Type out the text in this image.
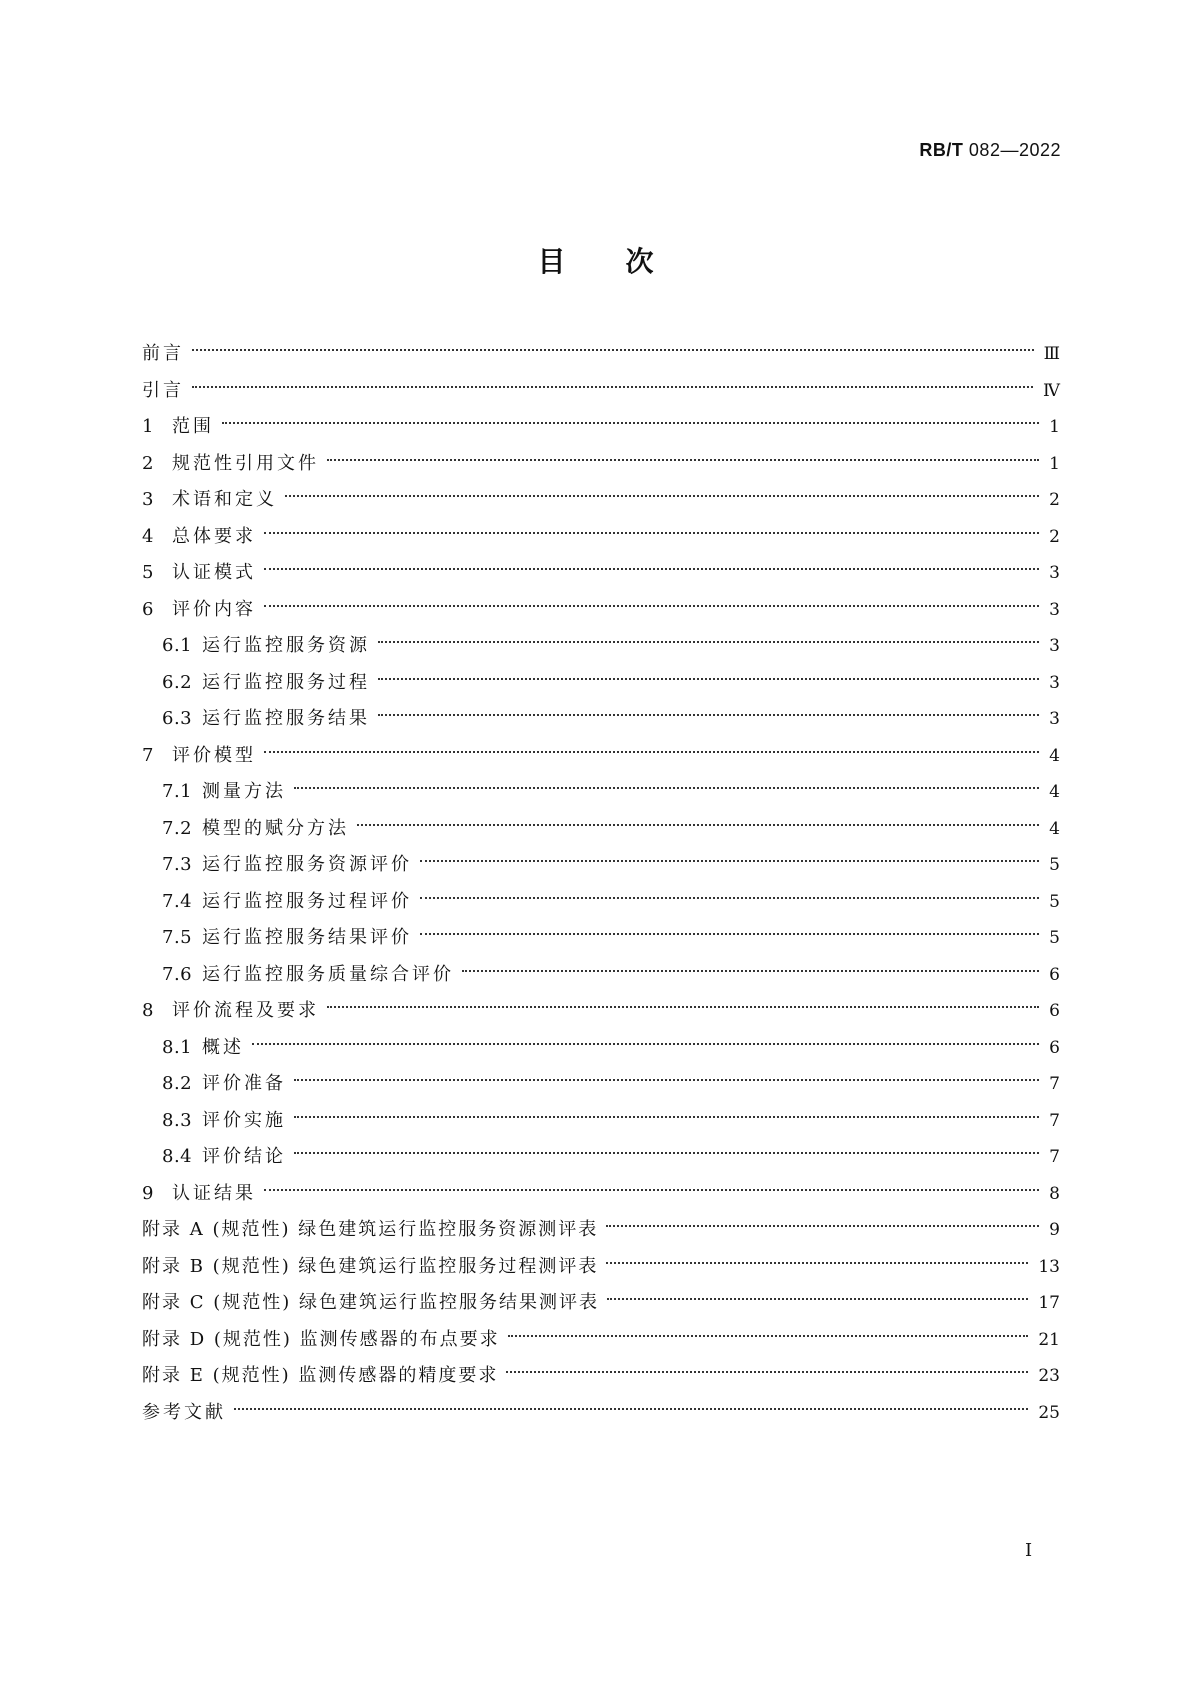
RB/T 082—2022
目次
前言	Ⅲ
引言	Ⅳ
1	范围	1
2	规范性引用文件	1
3	术语和定义	2
4	总体要求	2
5	认证模式	3
6	评价内容	3
6.1 运行监控服务资源	3
6.2 运行监控服务过程	3
6.3 运行监控服务结果	3
7	评价模型	4
7.1 测量方法	4
7.2 模型的赋分方法	4
7.3 运行监控服务资源评价	5
7.4 运行监控服务过程评价	5
7.5 运行监控服务结果评价	5
7.6 运行监控服务质量综合评价	6
8	评价流程及要求	6
8.1 概述	6
8.2 评价准备	7
8.3 评价实施	7
8.4 评价结论	7
9	认证结果	8
附录 A (规范性) 绿色建筑运行监控服务资源测评表	9
附录 B (规范性) 绿色建筑运行监控服务过程测评表	13
附录 C (规范性) 绿色建筑运行监控服务结果测评表	17
附录 D (规范性) 监测传感器的布点要求	21
附录 E (规范性) 监测传感器的精度要求	23
参考文献	25
I
